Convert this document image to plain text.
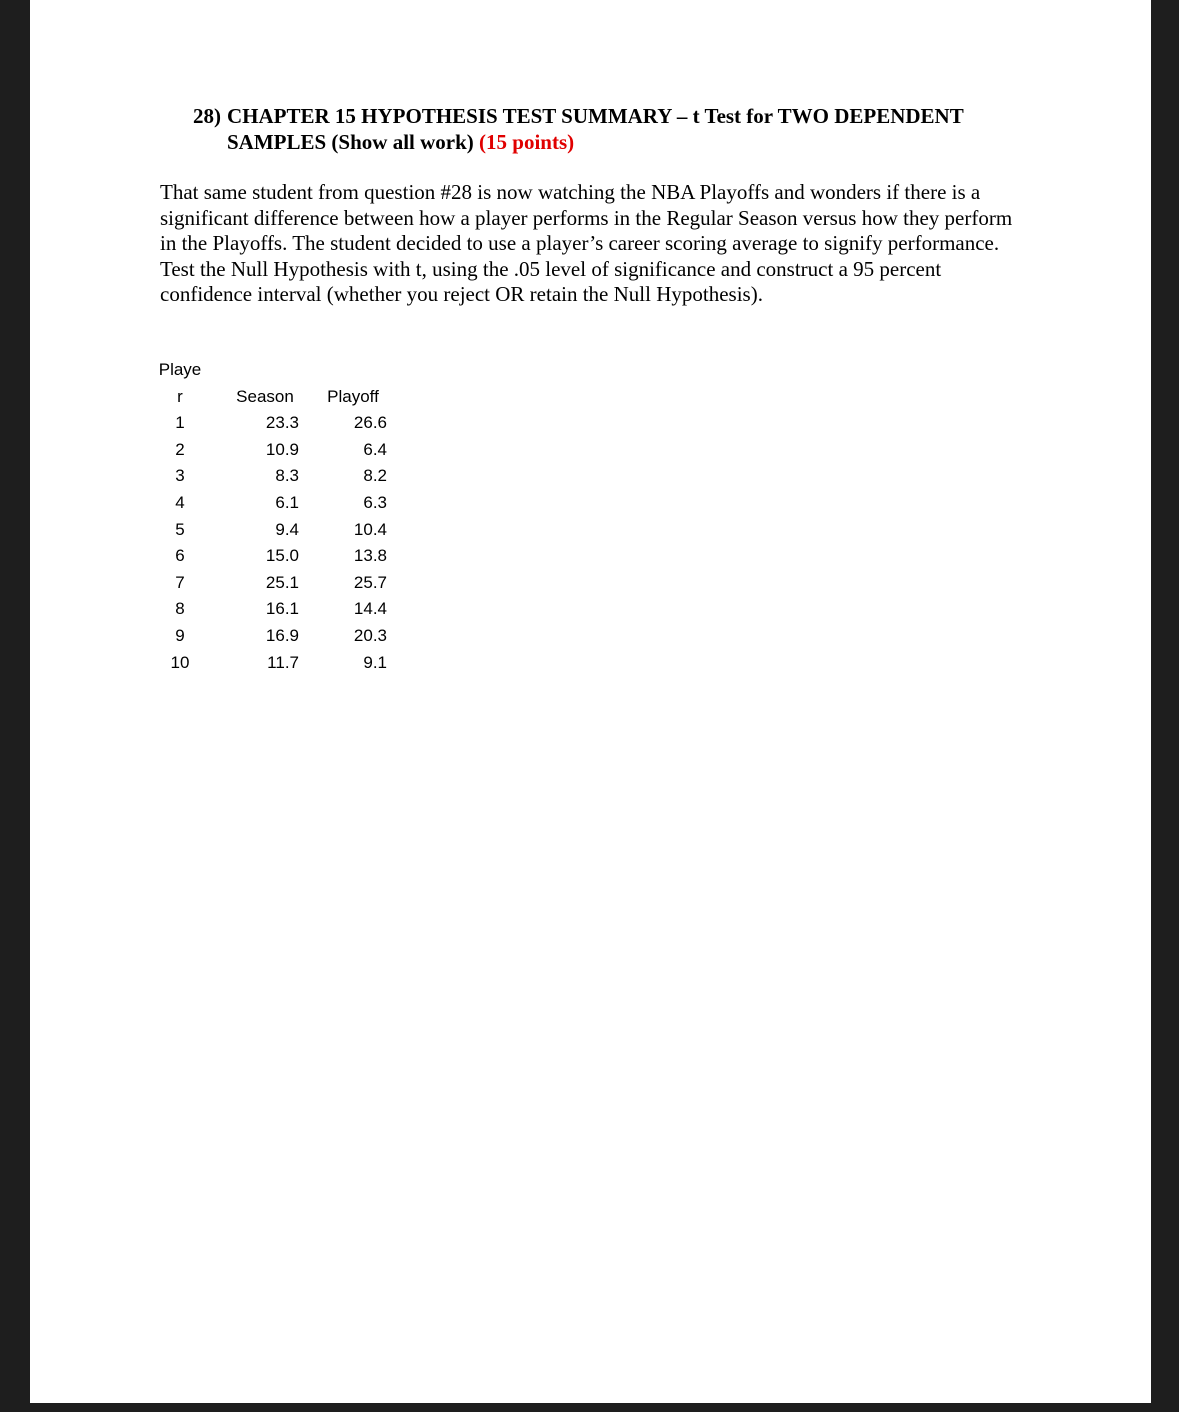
28) CHAPTER 15 HYPOTHESIS TEST SUMMARY – t Test for TWO DEPENDENT
SAMPLES (Show all work) (15 points)
That same student from question #28 is now watching the NBA Playoffs and wonders if there is a significant difference between how a player performs in the Regular Season versus how they perform in the Playoffs. The student decided to use a player’s career scoring average to signify performance. Test the Null Hypothesis with t, using the .05 level of significance and construct a 95 percent confidence interval (whether you reject OR retain the Null Hypothesis).
Playe
r	Season	Playoff
1	23.3	26.6
2	10.9	6.4
3	8.3	8.2
4	6.1	6.3
5	9.4	10.4
6	15.0	13.8
7	25.1	25.7
8	16.1	14.4
9	16.9	20.3
10	11.7	9.1
